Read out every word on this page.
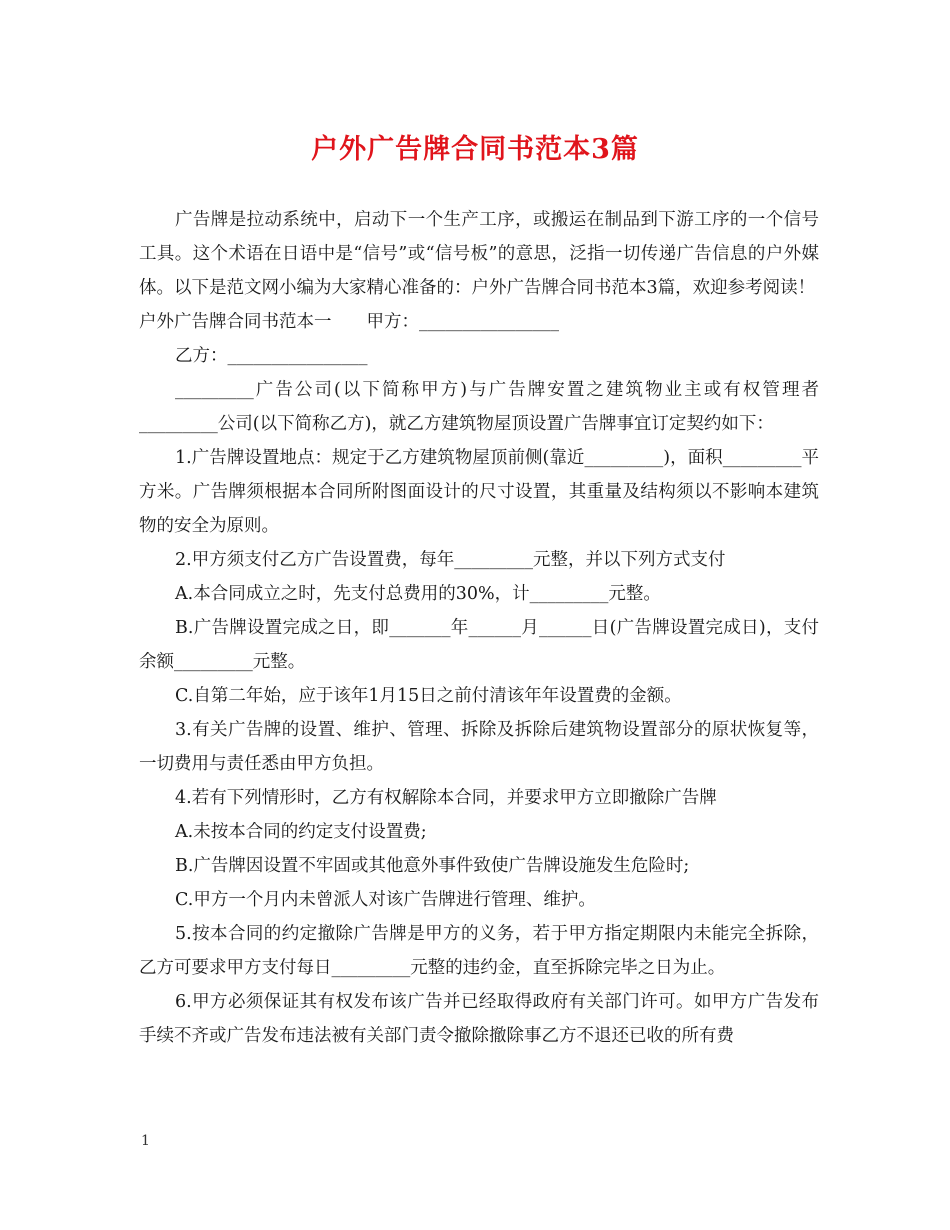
户外广告牌合同书范本3篇

广告牌是拉动系统中，启动下一个生产工序，或搬运在制品到下游工序的一个信号工具。这个术语在日语中是“信号”或“信号板”的意思，泛指一切传递广告信息的户外媒体。以下是范文网小编为大家精心准备的：户外广告牌合同书范本3篇，欢迎参考阅读！

户外广告牌合同书范本一　　甲方：________________

乙方：________________

_________广告公司(以下简称甲方)与广告牌安置之建筑物业主或有权管理者_________公司(以下简称乙方)，就乙方建筑物屋顶设置广告牌事宜订定契约如下：

1.广告牌设置地点：规定于乙方建筑物屋顶前侧(靠近_________)，面积_________平方米。广告牌须根据本合同所附图面设计的尺寸设置，其重量及结构须以不影响本建筑物的安全为原则。

2.甲方须支付乙方广告设置费，每年_________元整，并以下列方式支付

A.本合同成立之时，先支付总费用的30%，计_________元整。

B.广告牌设置完成之日，即_______年______月______日(广告牌设置完成日)，支付余额_________元整。

C.自第二年始，应于该年1月15日之前付清该年年设置费的金额。

3.有关广告牌的设置、维护、管理、拆除及拆除后建筑物设置部分的原状恢复等，一切费用与责任悉由甲方负担。

4.若有下列情形时，乙方有权解除本合同，并要求甲方立即撤除广告牌

A.未按本合同的约定支付设置费;

B.广告牌因设置不牢固或其他意外事件致使广告牌设施发生危险时;

C.甲方一个月内未曾派人对该广告牌进行管理、维护。

5.按本合同的约定撤除广告牌是甲方的义务，若于甲方指定期限内未能完全拆除，乙方可要求甲方支付每日_________元整的违约金，直至拆除完毕之日为止。

6.甲方必须保证其有权发布该广告并已经取得政府有关部门许可。如甲方广告发布手续不齐或广告发布违法被有关部门责令撤除撤除事乙方不退还已收的所有费

1
